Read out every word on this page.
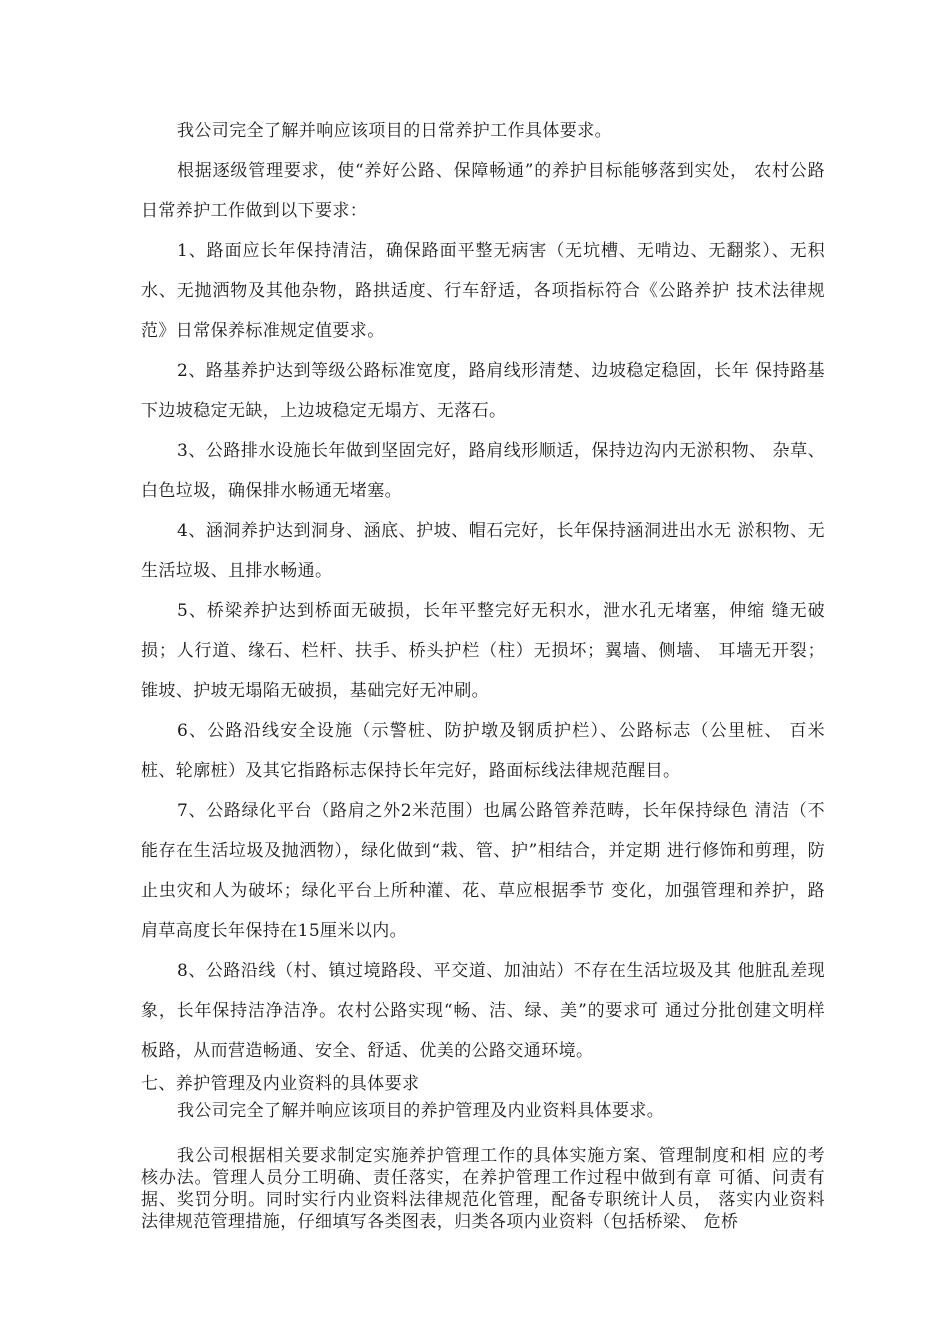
我公司完全了解并响应该项目的日常养护工作具体要求。

根据逐级管理要求，使“养好公路、保障畅通”的养护目标能够落到实处， 农村公路日常养护工作做到以下要求：

1、路面应长年保持清洁，确保路面平整无病害（无坑槽、无啃边、无翻浆）、无积水、无抛洒物及其他杂物，路拱适度、行车舒适，各项指标符合《公路养护 技术法律规范》日常保养标准规定值要求。

2、路基养护达到等级公路标准宽度，路肩线形清楚、边坡稳定稳固，长年 保持路基下边坡稳定无缺，上边坡稳定无塌方、无落石。

3、公路排水设施长年做到坚固完好，路肩线形顺适，保持边沟内无淤积物、 杂草、白色垃圾，确保排水畅通无堵塞。

4、涵洞养护达到洞身、涵底、护坡、帽石完好，长年保持涵洞进出水无 淤积物、无生活垃圾、且排水畅通。

5、桥梁养护达到桥面无破损，长年平整完好无积水，泄水孔无堵塞，伸缩 缝无破损；人行道、缘石、栏杆、扶手、桥头护栏（柱）无损坏；翼墙、侧墙、 耳墙无开裂；锥坡、护坡无塌陷无破损，基础完好无冲刷。

6、公路沿线安全设施（示警桩、防护墩及钢质护栏）、公路标志（公里桩、 百米桩、轮廓桩）及其它指路标志保持长年完好，路面标线法律规范醒目。

7、公路绿化平台（路肩之外2米范围）也属公路管养范畴，长年保持绿色 清洁（不能存在生活垃圾及抛洒物），绿化做到“栽、管、护”相结合，并定期 进行修饰和剪理，防止虫灾和人为破坏；绿化平台上所种灌、花、草应根据季节 变化，加强管理和养护，路肩草高度长年保持在15厘米以内。

8、公路沿线（村、镇过境路段、平交道、加油站）不存在生活垃圾及其 他脏乱差现象，长年保持洁净洁净。农村公路实现“畅、洁、绿、美”的要求可 通过分批创建文明样板路，从而营造畅通、安全、舒适、优美的公路交通环境。

七、养护管理及内业资料的具体要求

我公司完全了解并响应该项目的养护管理及内业资料具体要求。

我公司根据相关要求制定实施养护管理工作的具体实施方案、管理制度和相 应的考核办法。管理人员分工明确、责任落实，在养护管理工作过程中做到有章 可循、问责有据、奖罚分明。同时实行内业资料法律规范化管理，配备专职统计人员， 落实内业资料法律规范管理措施，仔细填写各类图表，归类各项内业资料（包括桥梁、 危桥
